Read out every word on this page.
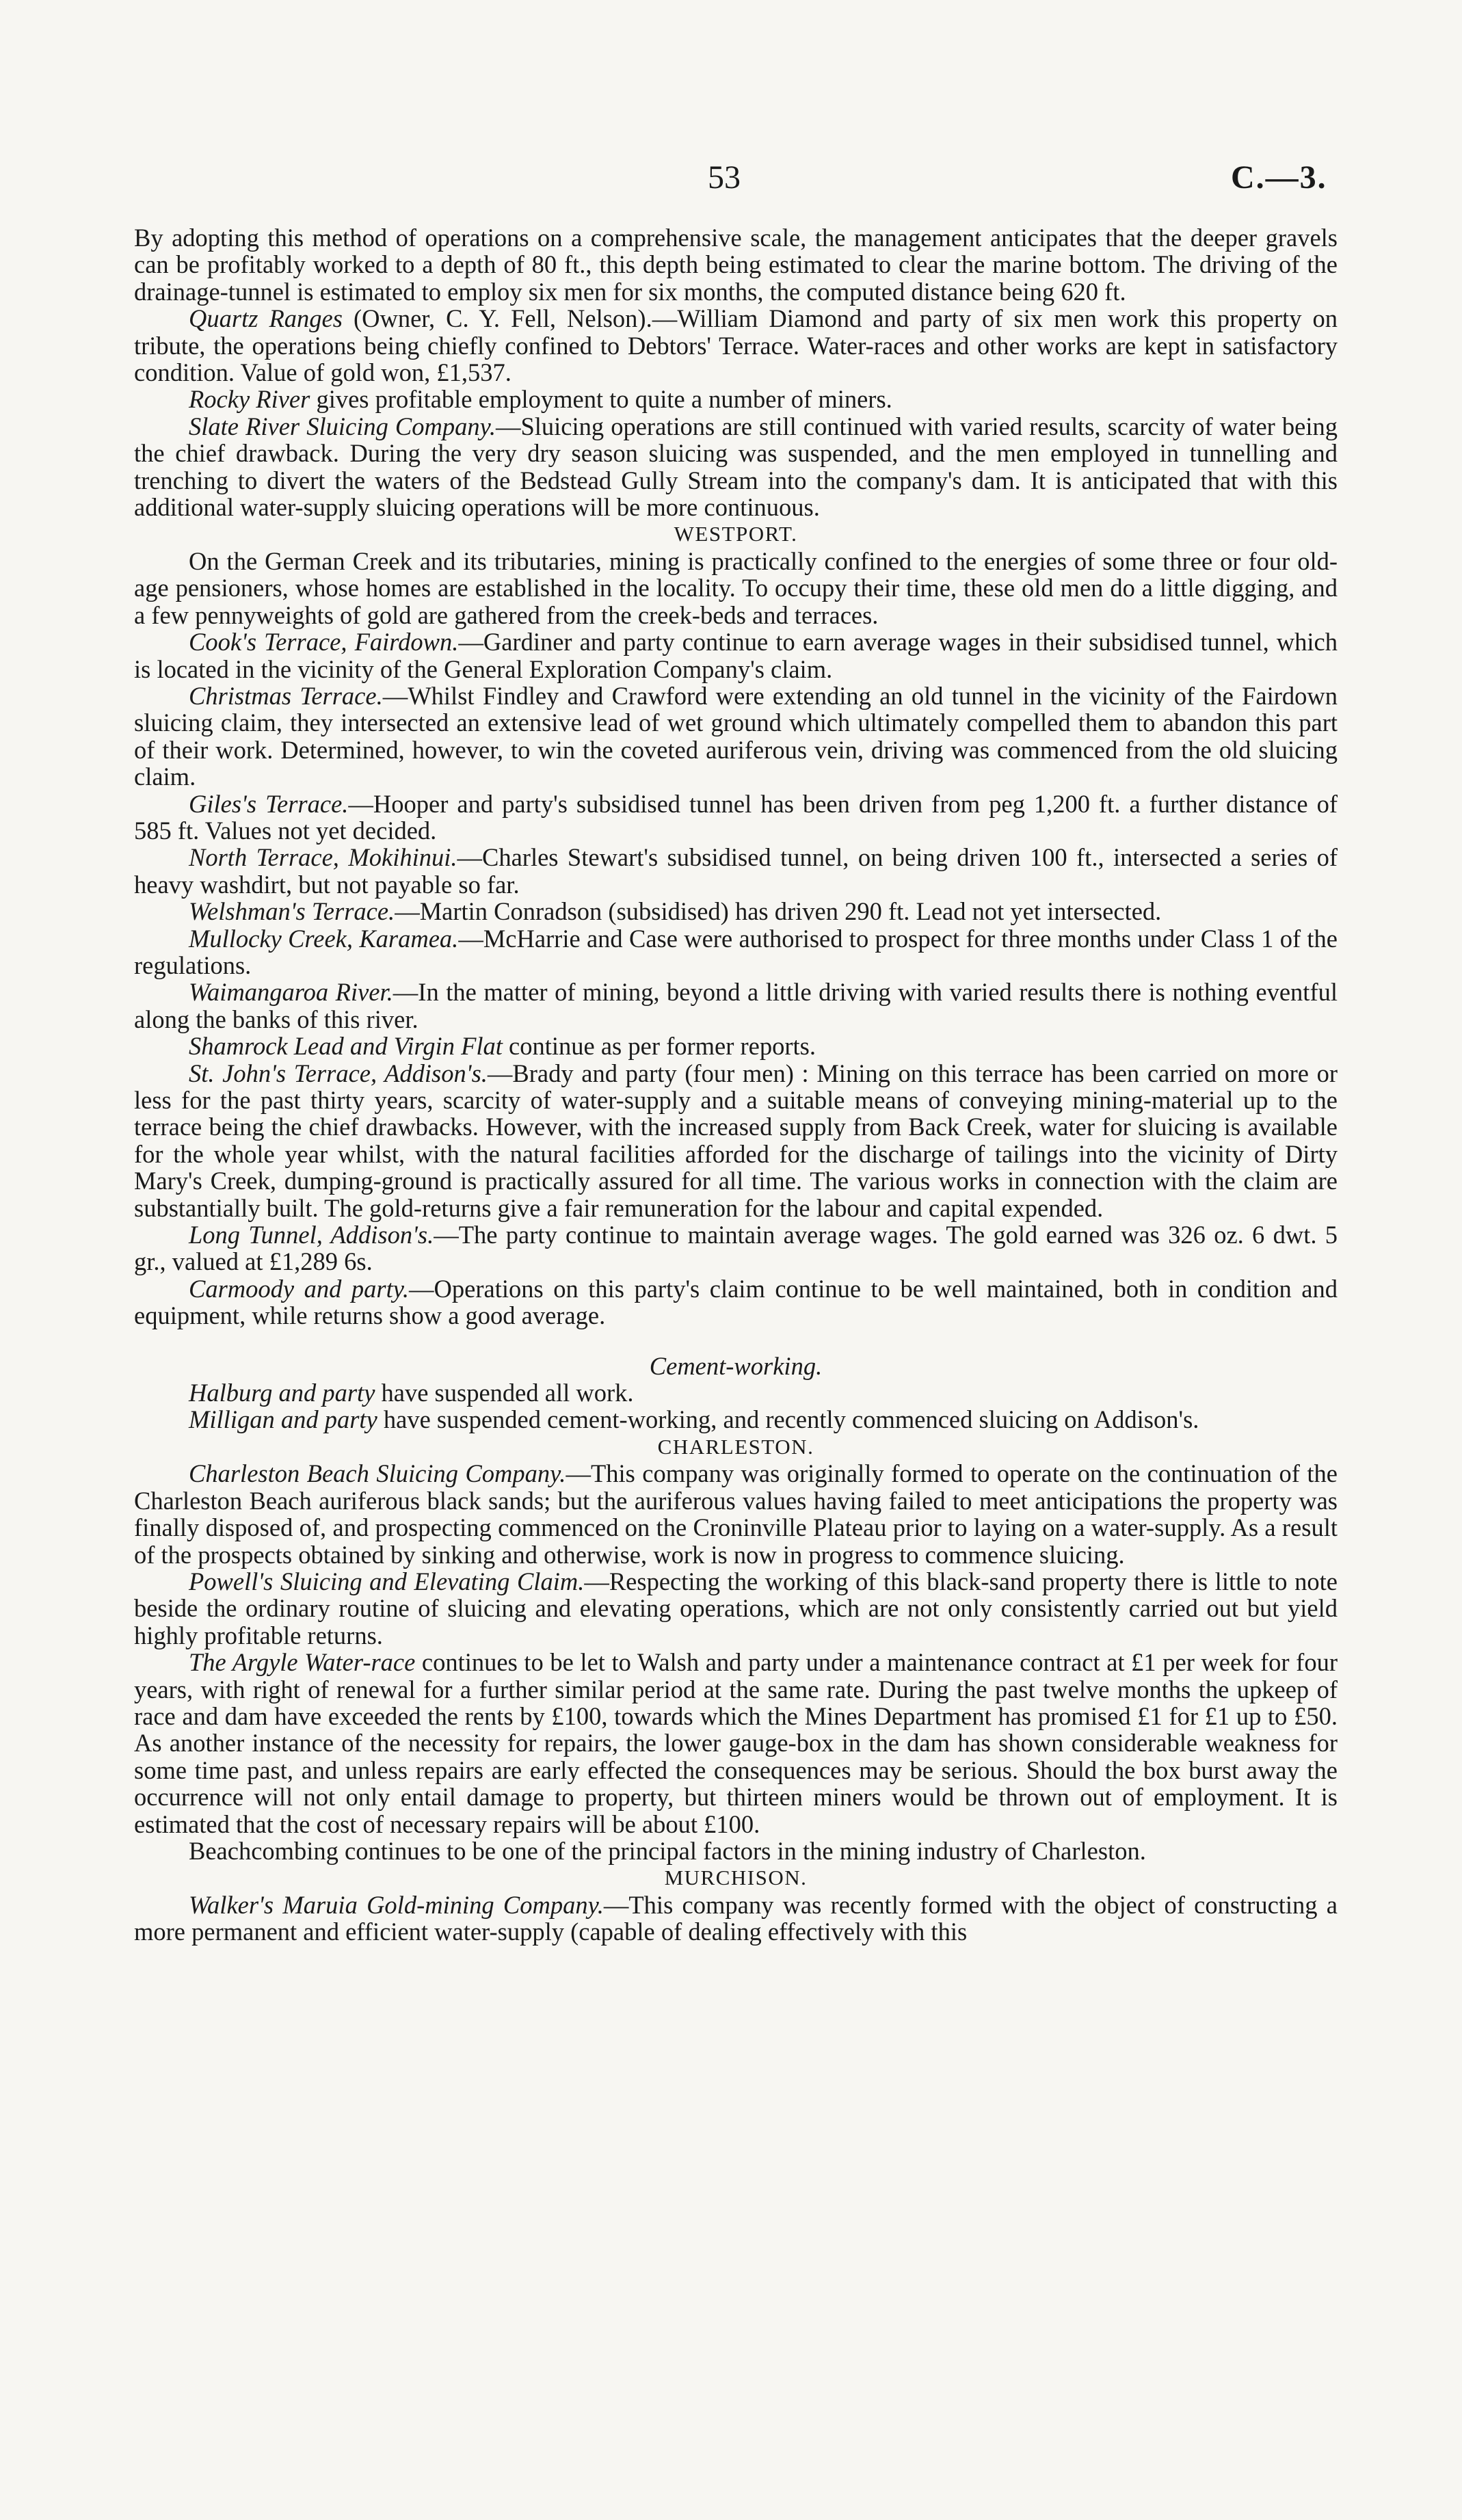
53	C.—3.

By adopting this method of operations on a comprehensive scale, the management anticipates that the deeper gravels can be profitably worked to a depth of 80 ft., this depth being estimated to clear the marine bottom. The driving of the drainage-tunnel is estimated to employ six men for six months, the computed distance being 620 ft.

Quartz Ranges (Owner, C. Y. Fell, Nelson).—William Diamond and party of six men work this property on tribute, the operations being chiefly confined to Debtors' Terrace. Water-races and other works are kept in satisfactory condition. Value of gold won, £1,537.

Rocky River gives profitable employment to quite a number of miners.

Slate River Sluicing Company.—Sluicing operations are still continued with varied results, scarcity of water being the chief drawback. During the very dry season sluicing was suspended, and the men employed in tunnelling and trenching to divert the waters of the Bedstead Gully Stream into the company's dam. It is anticipated that with this additional water-supply sluicing operations will be more continuous.

WESTPORT.

On the German Creek and its tributaries, mining is practically confined to the energies of some three or four old-age pensioners, whose homes are established in the locality. To occupy their time, these old men do a little digging, and a few pennyweights of gold are gathered from the creek-beds and terraces.

Cook's Terrace, Fairdown.—Gardiner and party continue to earn average wages in their subsidised tunnel, which is located in the vicinity of the General Exploration Company's claim.

Christmas Terrace.—Whilst Findley and Crawford were extending an old tunnel in the vicinity of the Fairdown sluicing claim, they intersected an extensive lead of wet ground which ultimately compelled them to abandon this part of their work. Determined, however, to win the coveted auriferous vein, driving was commenced from the old sluicing claim.

Giles's Terrace.—Hooper and party's subsidised tunnel has been driven from peg 1,200 ft. a further distance of 585 ft. Values not yet decided.

North Terrace, Mokihinui.—Charles Stewart's subsidised tunnel, on being driven 100 ft., intersected a series of heavy washdirt, but not payable so far.

Welshman's Terrace.—Martin Conradson (subsidised) has driven 290 ft. Lead not yet intersected.

Mullocky Creek, Karamea.—McHarrie and Case were authorised to prospect for three months under Class 1 of the regulations.

Waimangaroa River.—In the matter of mining, beyond a little driving with varied results there is nothing eventful along the banks of this river.

Shamrock Lead and Virgin Flat continue as per former reports.

St. John's Terrace, Addison's.—Brady and party (four men) : Mining on this terrace has been carried on more or less for the past thirty years, scarcity of water-supply and a suitable means of conveying mining-material up to the terrace being the chief drawbacks. However, with the increased supply from Back Creek, water for sluicing is available for the whole year whilst, with the natural facilities afforded for the discharge of tailings into the vicinity of Dirty Mary's Creek, dumping-ground is practically assured for all time. The various works in connection with the claim are substantially built. The gold-returns give a fair remuneration for the labour and capital expended.

Long Tunnel, Addison's.—The party continue to maintain average wages. The gold earned was 326 oz. 6 dwt. 5 gr., valued at £1,289 6s.

Carmoody and party.—Operations on this party's claim continue to be well maintained, both in condition and equipment, while returns show a good average.

Cement-working.

Halburg and party have suspended all work.

Milligan and party have suspended cement-working, and recently commenced sluicing on Addison's.

CHARLESTON.

Charleston Beach Sluicing Company.—This company was originally formed to operate on the continuation of the Charleston Beach auriferous black sands; but the auriferous values having failed to meet anticipations the property was finally disposed of, and prospecting commenced on the Croninville Plateau prior to laying on a water-supply. As a result of the prospects obtained by sinking and otherwise, work is now in progress to commence sluicing.

Powell's Sluicing and Elevating Claim.—Respecting the working of this black-sand property there is little to note beside the ordinary routine of sluicing and elevating operations, which are not only consistently carried out but yield highly profitable returns.

The Argyle Water-race continues to be let to Walsh and party under a maintenance contract at £1 per week for four years, with right of renewal for a further similar period at the same rate. During the past twelve months the upkeep of race and dam have exceeded the rents by £100, towards which the Mines Department has promised £1 for £1 up to £50. As another instance of the necessity for repairs, the lower gauge-box in the dam has shown considerable weakness for some time past, and unless repairs are early effected the consequences may be serious. Should the box burst away the occurrence will not only entail damage to property, but thirteen miners would be thrown out of employment. It is estimated that the cost of necessary repairs will be about £100.

Beachcombing continues to be one of the principal factors in the mining industry of Charleston.

MURCHISON.

Walker's Maruia Gold-mining Company.—This company was recently formed with the object of constructing a more permanent and efficient water-supply (capable of dealing effectively with this
